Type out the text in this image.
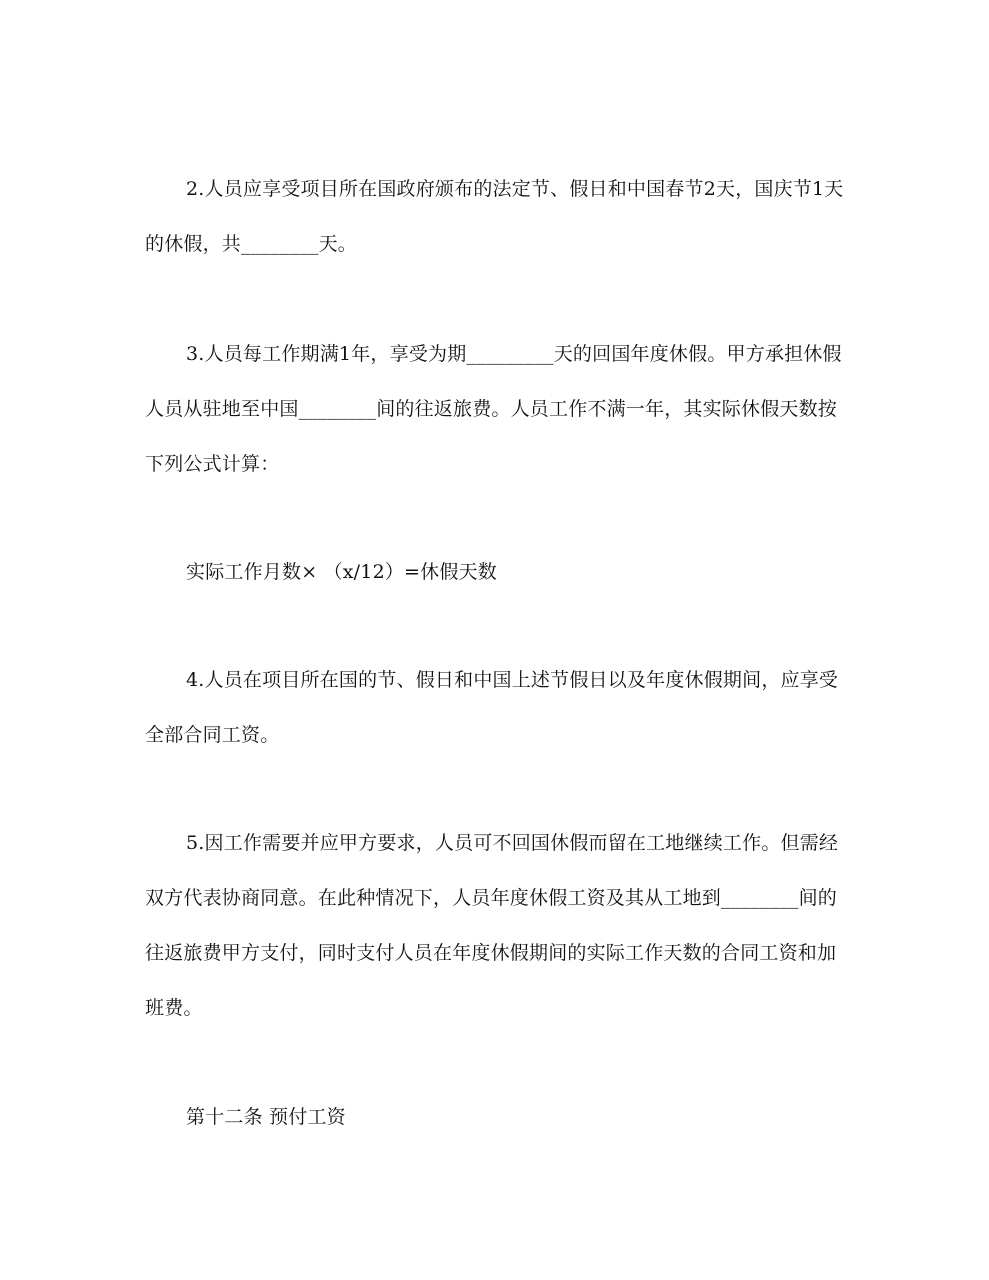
2.人员应享受项目所在国政府颁布的法定节、假日和中国春节2天，国庆节1天
的休假，共________天。
3.人员每工作期满1年，享受为期_________天的回国年度休假。甲方承担休假
人员从驻地至中国________间的往返旅费。人员工作不满一年，其实际休假天数按
下列公式计算：
实际工作月数× （x/12）=休假天数
4.人员在项目所在国的节、假日和中国上述节假日以及年度休假期间，应享受
全部合同工资。
5.因工作需要并应甲方要求，人员可不回国休假而留在工地继续工作。但需经
双方代表协商同意。在此种情况下，人员年度休假工资及其从工地到________间的
往返旅费甲方支付，同时支付人员在年度休假期间的实际工作天数的合同工资和加
班费。
第十二条 预付工资
